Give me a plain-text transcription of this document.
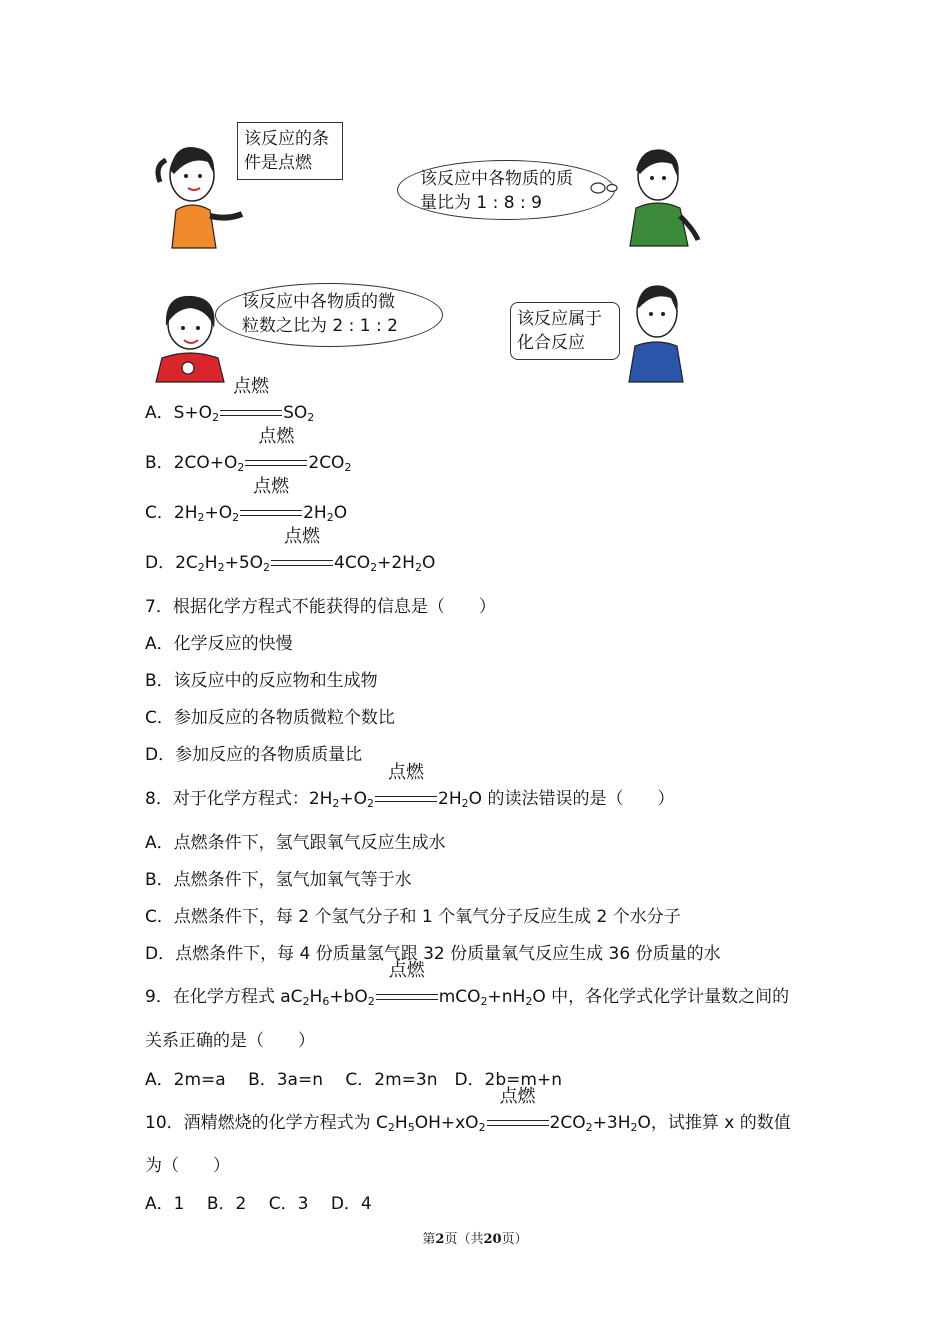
该反应的条
件是点燃
该反应中各物质的质
量比为 1 : 8 : 9
该反应中各物质的微
粒数之比为 2 : 1 : 2	该反应属于
化合反应
A．$S+O_2$
点燃
$SO_2$
B．$2CO+O_2$
点燃
$2CO_2$
C．$2H_2+O_2$
点燃
$2H_2O$
D．$2C_2H_2+5O_2$
点燃
$4CO_2+2H_2O$
7．根据化学方程式不能获得的信息是（　　）
A．化学反应的快慢
B．该反应中的反应物和生成物
C．参加反应的各物质微粒个数比
D．参加反应的各物质质量比
8．对于化学方程式：$2H_2+O_2$
点燃
$2H_2O$ 的读法错误的是（　　）
A．点燃条件下，氢气跟氧气反应生成水
B．点燃条件下，氢气加氧气等于水
C．点燃条件下，每 2 个氢气分子和 1 个氧气分子反应生成 2 个水分子
D．点燃条件下，每 4 份质量氢气跟 32 份质量氧气反应生成 36 份质量的水
9．在化学方程式 $aC_2H_6+bO_2$
点燃
$mCO_2+nH_2O$ 中，各化学式化学计量数之间的
关系正确的是（　　）
A．2m=a　 B．3a=n　 C．2m=3n　D．2b=m+n
10．酒精燃烧的化学方程式为 $C_2H_5OH+xO_2$
点燃
$2CO_2+3H_2O$，试推算 x 的数值
为（　　）
A．1　 B．2　 C．3　 D．4
第2页（共20页）
